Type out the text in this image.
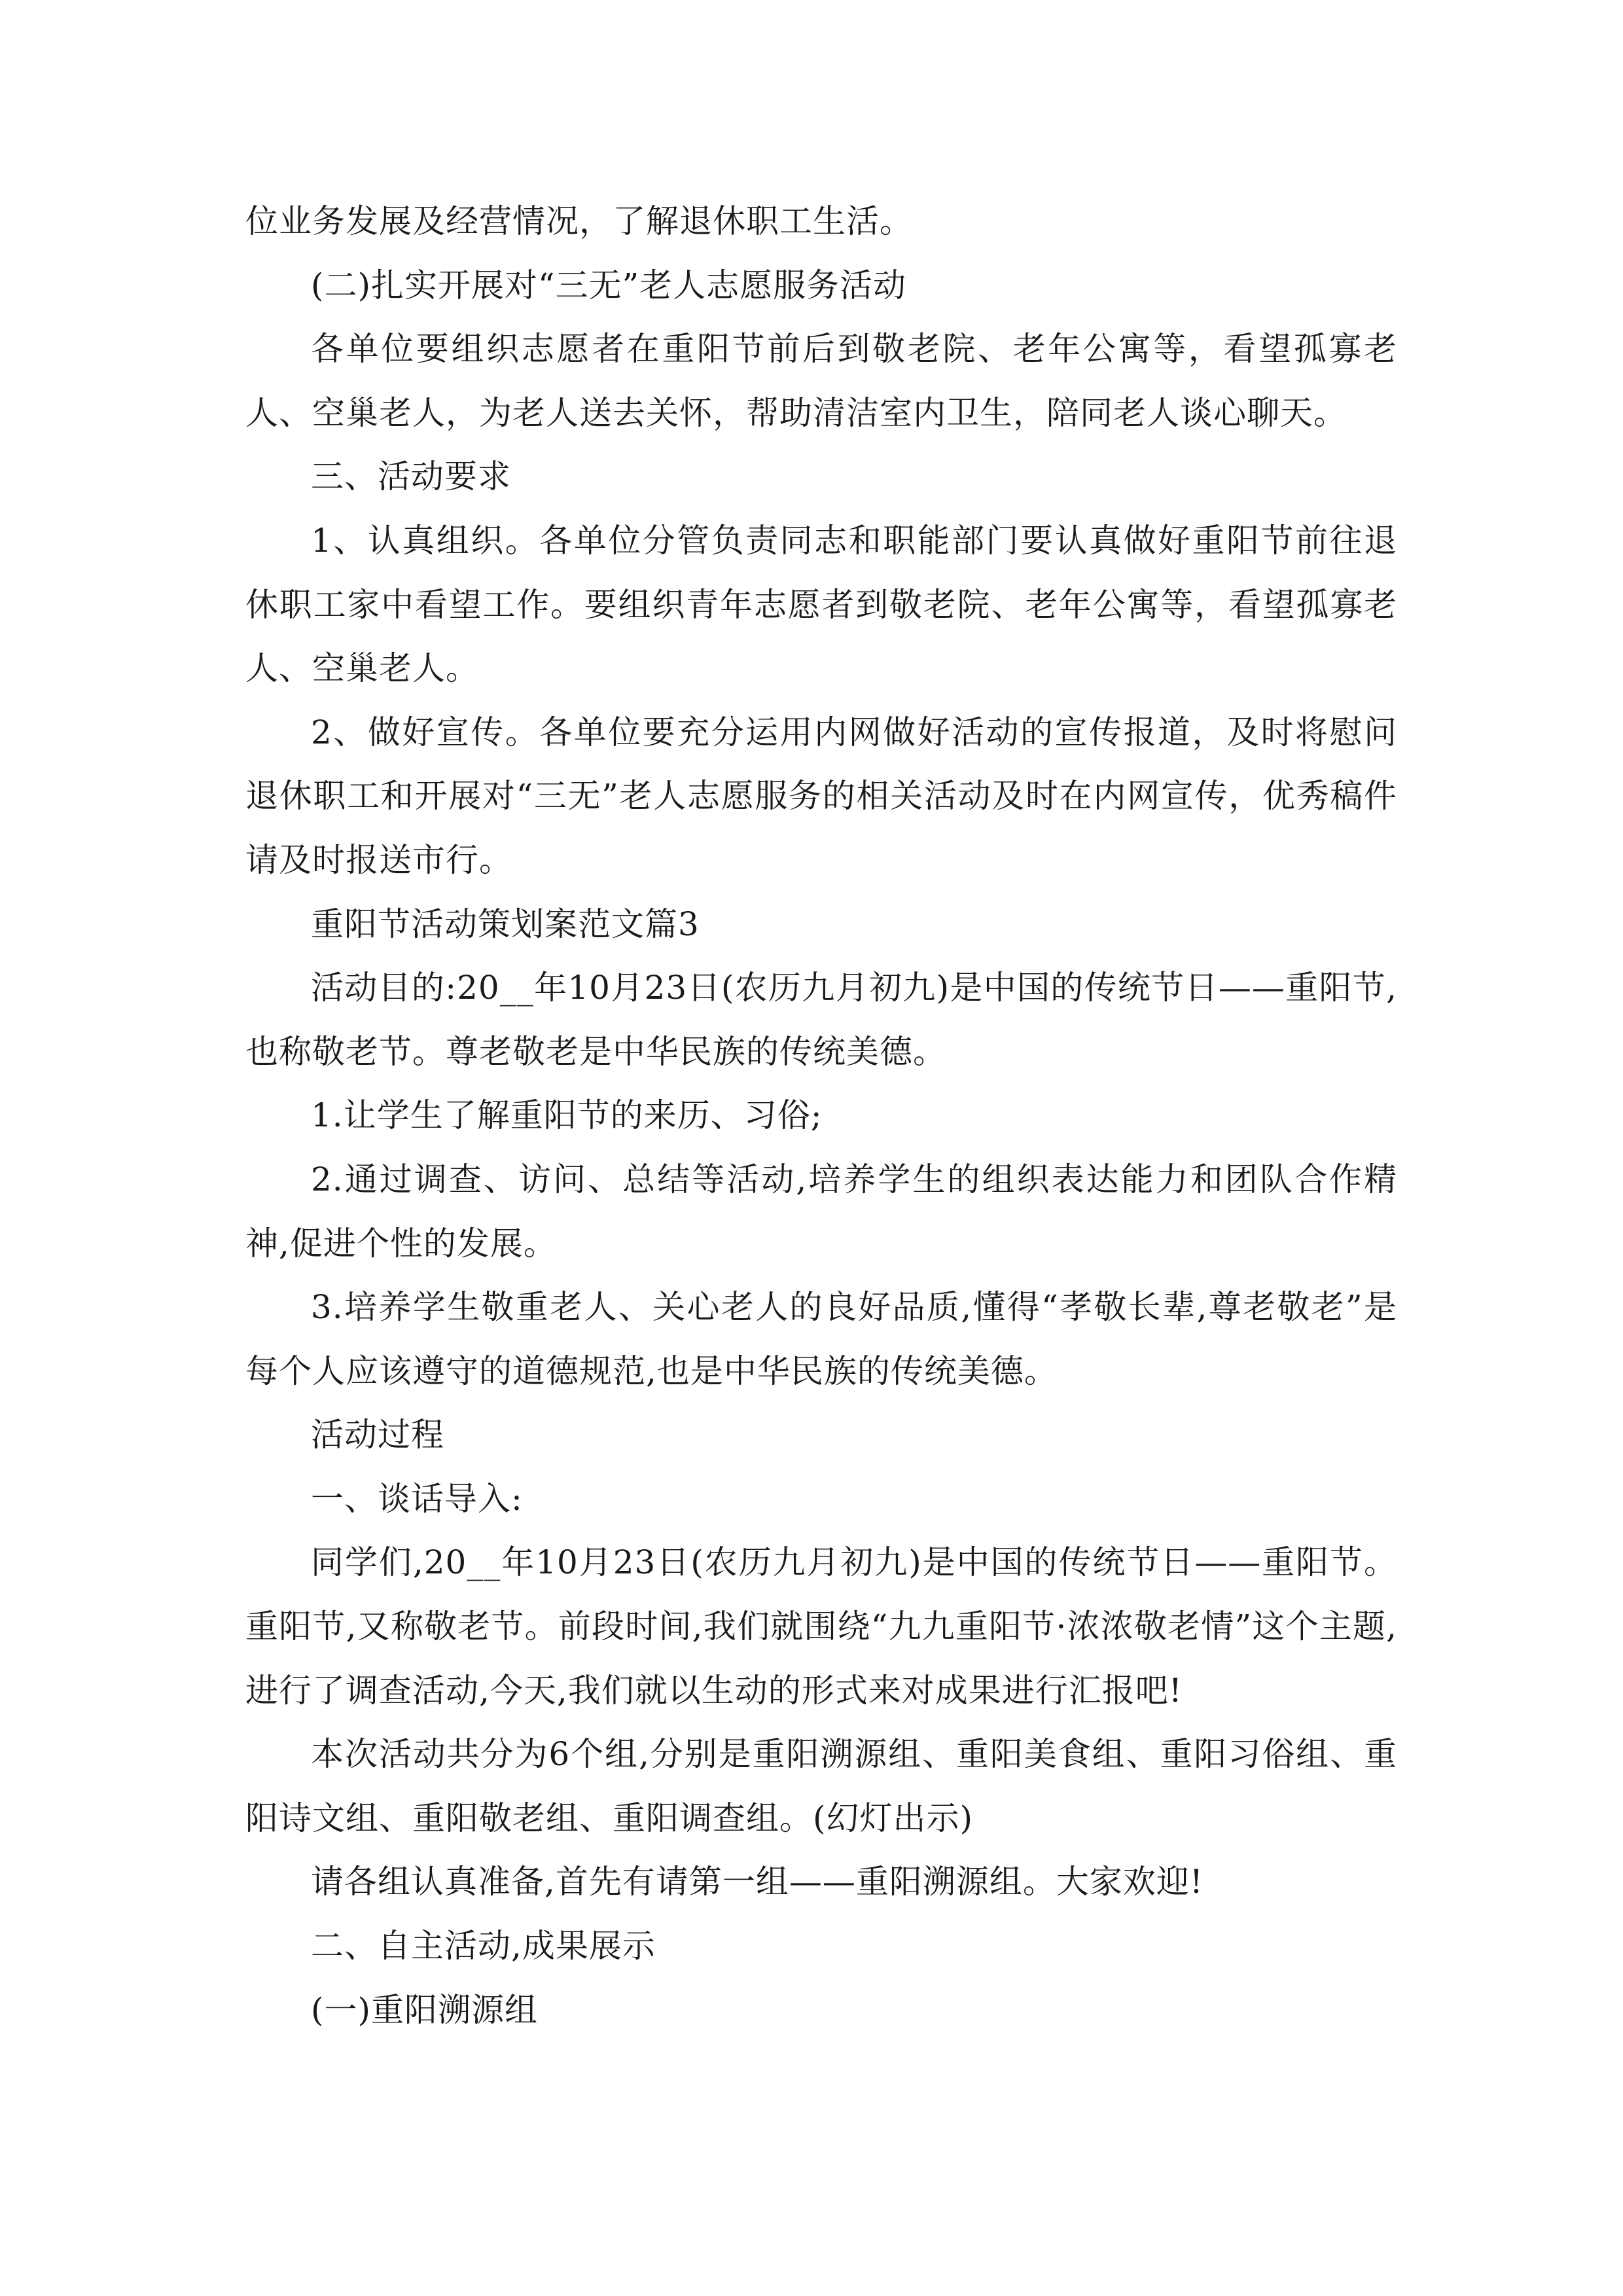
位业务发展及经营情况，了解退休职工生活。

(二)扎实开展对“三无”老人志愿服务活动

各单位要组织志愿者在重阳节前后到敬老院、老年公寓等，看望孤寡老人、空巢老人，为老人送去关怀，帮助清洁室内卫生，陪同老人谈心聊天。

三、活动要求

1、认真组织。各单位分管负责同志和职能部门要认真做好重阳节前往退休职工家中看望工作。要组织青年志愿者到敬老院、老年公寓等，看望孤寡老人、空巢老人。

2、做好宣传。各单位要充分运用内网做好活动的宣传报道，及时将慰问退休职工和开展对“三无”老人志愿服务的相关活动及时在内网宣传，优秀稿件请及时报送市行。

重阳节活动策划案范文篇3

活动目的:20__年10月23日(农历九月初九)是中国的传统节日——重阳节,也称敬老节。尊老敬老是中华民族的传统美德。

1.让学生了解重阳节的来历、习俗;

2.通过调查、访问、总结等活动,培养学生的组织表达能力和团队合作精神,促进个性的发展。

3.培养学生敬重老人、关心老人的良好品质,懂得“孝敬长辈,尊老敬老”是每个人应该遵守的道德规范,也是中华民族的传统美德。

活动过程

一、谈话导入:

同学们,20__年10月23日(农历九月初九)是中国的传统节日——重阳节。重阳节,又称敬老节。前段时间,我们就围绕“九九重阳节·浓浓敬老情”这个主题,进行了调查活动,今天,我们就以生动的形式来对成果进行汇报吧!

本次活动共分为6个组,分别是重阳溯源组、重阳美食组、重阳习俗组、重阳诗文组、重阳敬老组、重阳调查组。(幻灯出示)

请各组认真准备,首先有请第一组——重阳溯源组。大家欢迎!

二、自主活动,成果展示

(一)重阳溯源组
